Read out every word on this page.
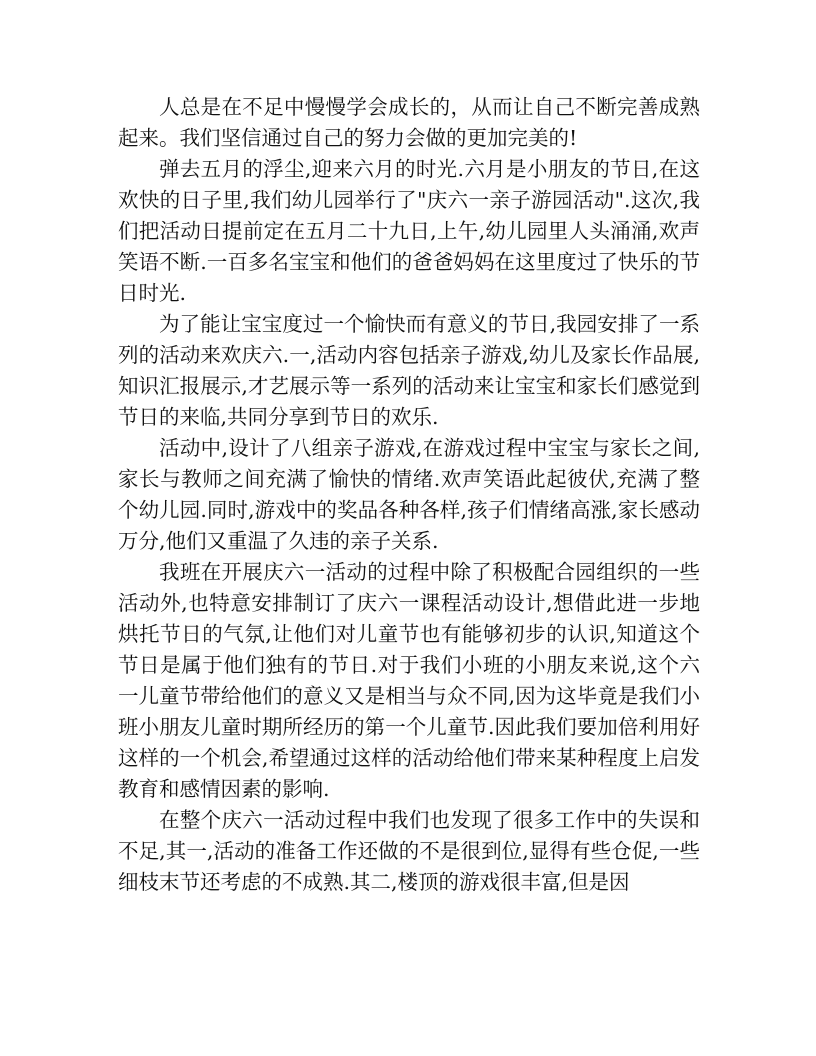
人总是在不足中慢慢学会成长的，从而让自己不断完善成熟起来。我们坚信通过自己的努力会做的更加完美的!

弹去五月的浮尘,迎来六月的时光.六月是小朋友的节日,在这欢快的日子里,我们幼儿园举行了"庆六一亲子游园活动".这次,我们把活动日提前定在五月二十九日,上午,幼儿园里人头涌涌,欢声笑语不断.一百多名宝宝和他们的爸爸妈妈在这里度过了快乐的节日时光.

为了能让宝宝度过一个愉快而有意义的节日,我园安排了一系列的活动来欢庆六.一,活动内容包括亲子游戏,幼儿及家长作品展,知识汇报展示,才艺展示等一系列的活动来让宝宝和家长们感觉到节日的来临,共同分享到节日的欢乐.

活动中,设计了八组亲子游戏,在游戏过程中宝宝与家长之间,家长与教师之间充满了愉快的情绪.欢声笑语此起彼伏,充满了整个幼儿园.同时,游戏中的奖品各种各样,孩子们情绪高涨,家长感动万分,他们又重温了久违的亲子关系.

我班在开展庆六一活动的过程中除了积极配合园组织的一些活动外,也特意安排制订了庆六一课程活动设计,想借此进一步地烘托节日的气氛,让他们对儿童节也有能够初步的认识,知道这个节日是属于他们独有的节日.对于我们小班的小朋友来说,这个六一儿童节带给他们的意义又是相当与众不同,因为这毕竟是我们小班小朋友儿童时期所经历的第一个儿童节.因此我们要加倍利用好这样的一个机会,希望通过这样的活动给他们带来某种程度上启发教育和感情因素的影响.

在整个庆六一活动过程中我们也发现了很多工作中的失误和不足,其一,活动的准备工作还做的不是很到位,显得有些仓促,一些细枝末节还考虑的不成熟.其二,楼顶的游戏很丰富,但是因
